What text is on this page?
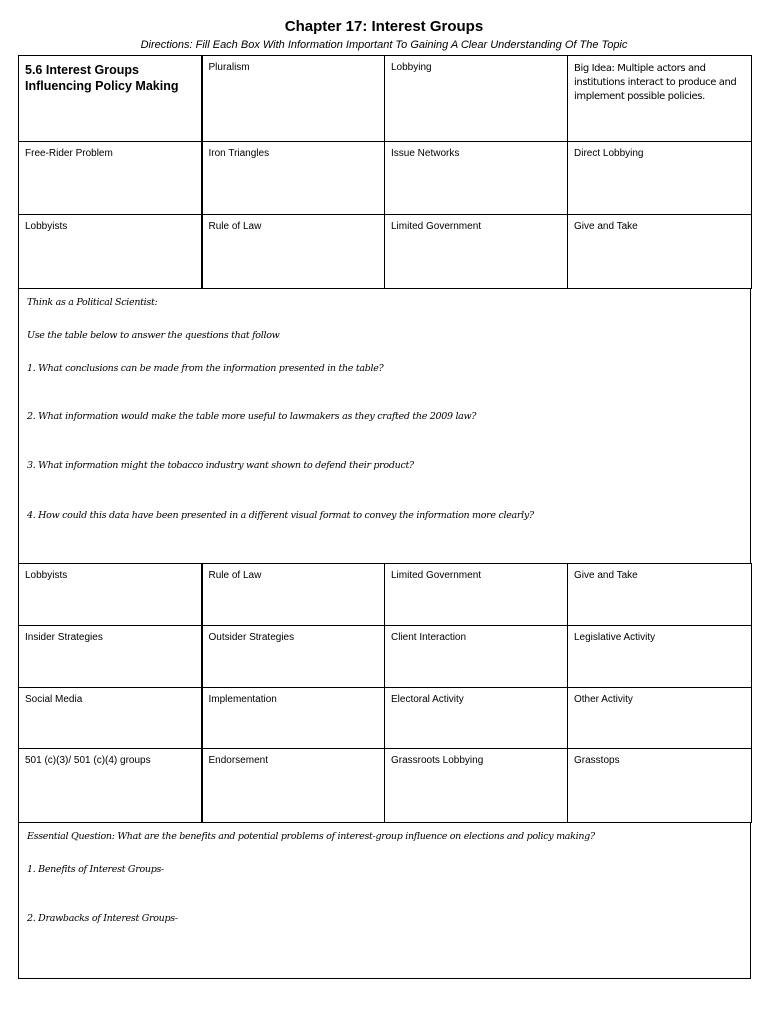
Chapter 17: Interest Groups
Directions: Fill Each Box With Information Important To Gaining A Clear Understanding Of The Topic
5.6 Interest Groups Influencing Policy Making	Pluralism	Lobbying	Big Idea: Multiple actors and institutions interact to produce and implement possible policies.
Free-Rider Problem	Iron Triangles	Issue Networks	Direct Lobbying
Lobbyists	Rule of Law	Limited Government	Give and Take
Think as a Political Scientist:
Use the table below to answer the questions that follow
1. What conclusions can be made from the information presented in the table?
2. What information would make the table more useful to lawmakers as they crafted the 2009 law?
3. What information might the tobacco industry want shown to defend their product?
4. How could this data have been presented in a different visual format to convey the information more clearly?
Lobbyists	Rule of Law	Limited Government	Give and Take
Insider Strategies	Outsider Strategies	Client Interaction	Legislative Activity
Social Media	Implementation	Electoral Activity	Other Activity
501 (c)(3)/ 501 (c)(4) groups	Endorsement	Grassroots Lobbying	Grasstops
Essential Question: What are the benefits and potential problems of interest-group influence on elections and policy making?
1. Benefits of Interest Groups-
2. Drawbacks of Interest Groups-
